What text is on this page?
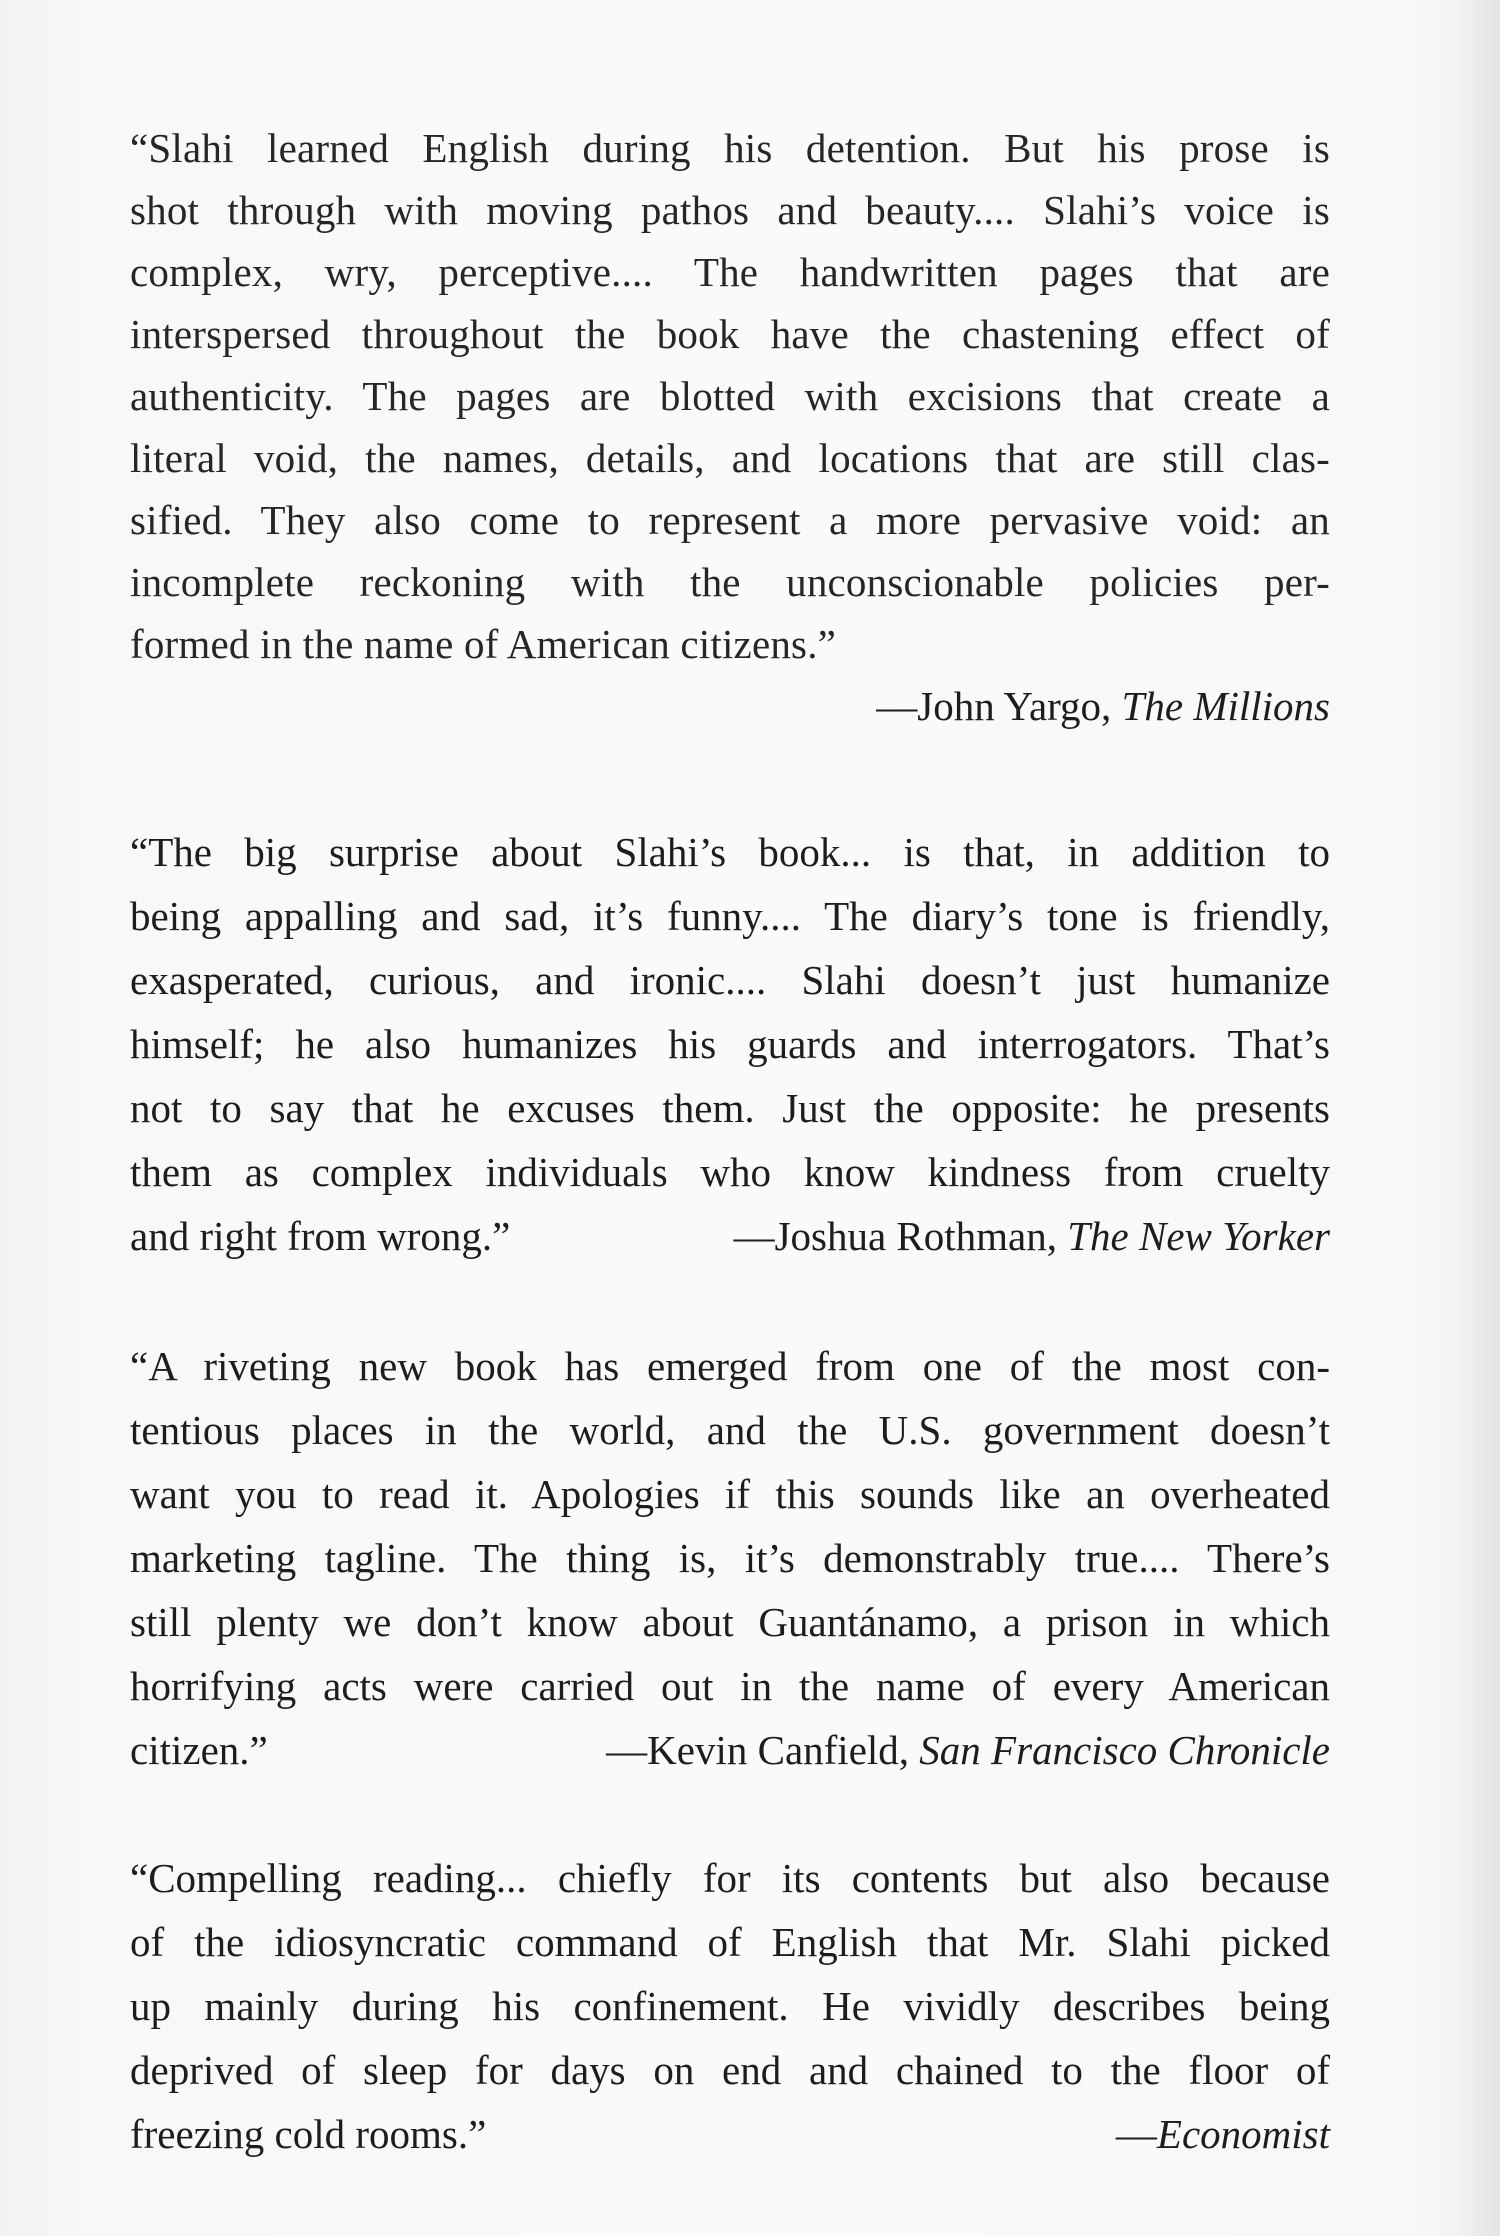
“Slahi learned English during his detention. But his prose is
shot through with moving pathos and beauty.... Slahi’s voice is
complex, wry, perceptive.... The handwritten pages that are
interspersed throughout the book have the chastening effect of
authenticity. The pages are blotted with excisions that create a
literal void, the names, details, and locations that are still clas-
sified. They also come to represent a more pervasive void: an
incomplete reckoning with the unconscionable policies per-
formed in the name of American citizens.”
—John Yargo, The Millions
“The big surprise about Slahi’s book... is that, in addition to
being appalling and sad, it’s funny.... The diary’s tone is friendly,
exasperated, curious, and ironic.... Slahi doesn’t just humanize
himself; he also humanizes his guards and interrogators. That’s
not to say that he excuses them. Just the opposite: he presents
them as complex individuals who know kindness from cruelty
and right from wrong.”	—Joshua Rothman, The New Yorker
“A riveting new book has emerged from one of the most con-
tentious places in the world, and the U.S. government doesn’t
want you to read it. Apologies if this sounds like an overheated
marketing tagline. The thing is, it’s demonstrably true.... There’s
still plenty we don’t know about Guantánamo, a prison in which
horrifying acts were carried out in the name of every American
citizen.”	—Kevin Canfield, San Francisco Chronicle
“Compelling reading... chiefly for its contents but also because
of the idiosyncratic command of English that Mr. Slahi picked
up mainly during his confinement. He vividly describes being
deprived of sleep for days on end and chained to the floor of
freezing cold rooms.”	—Economist
